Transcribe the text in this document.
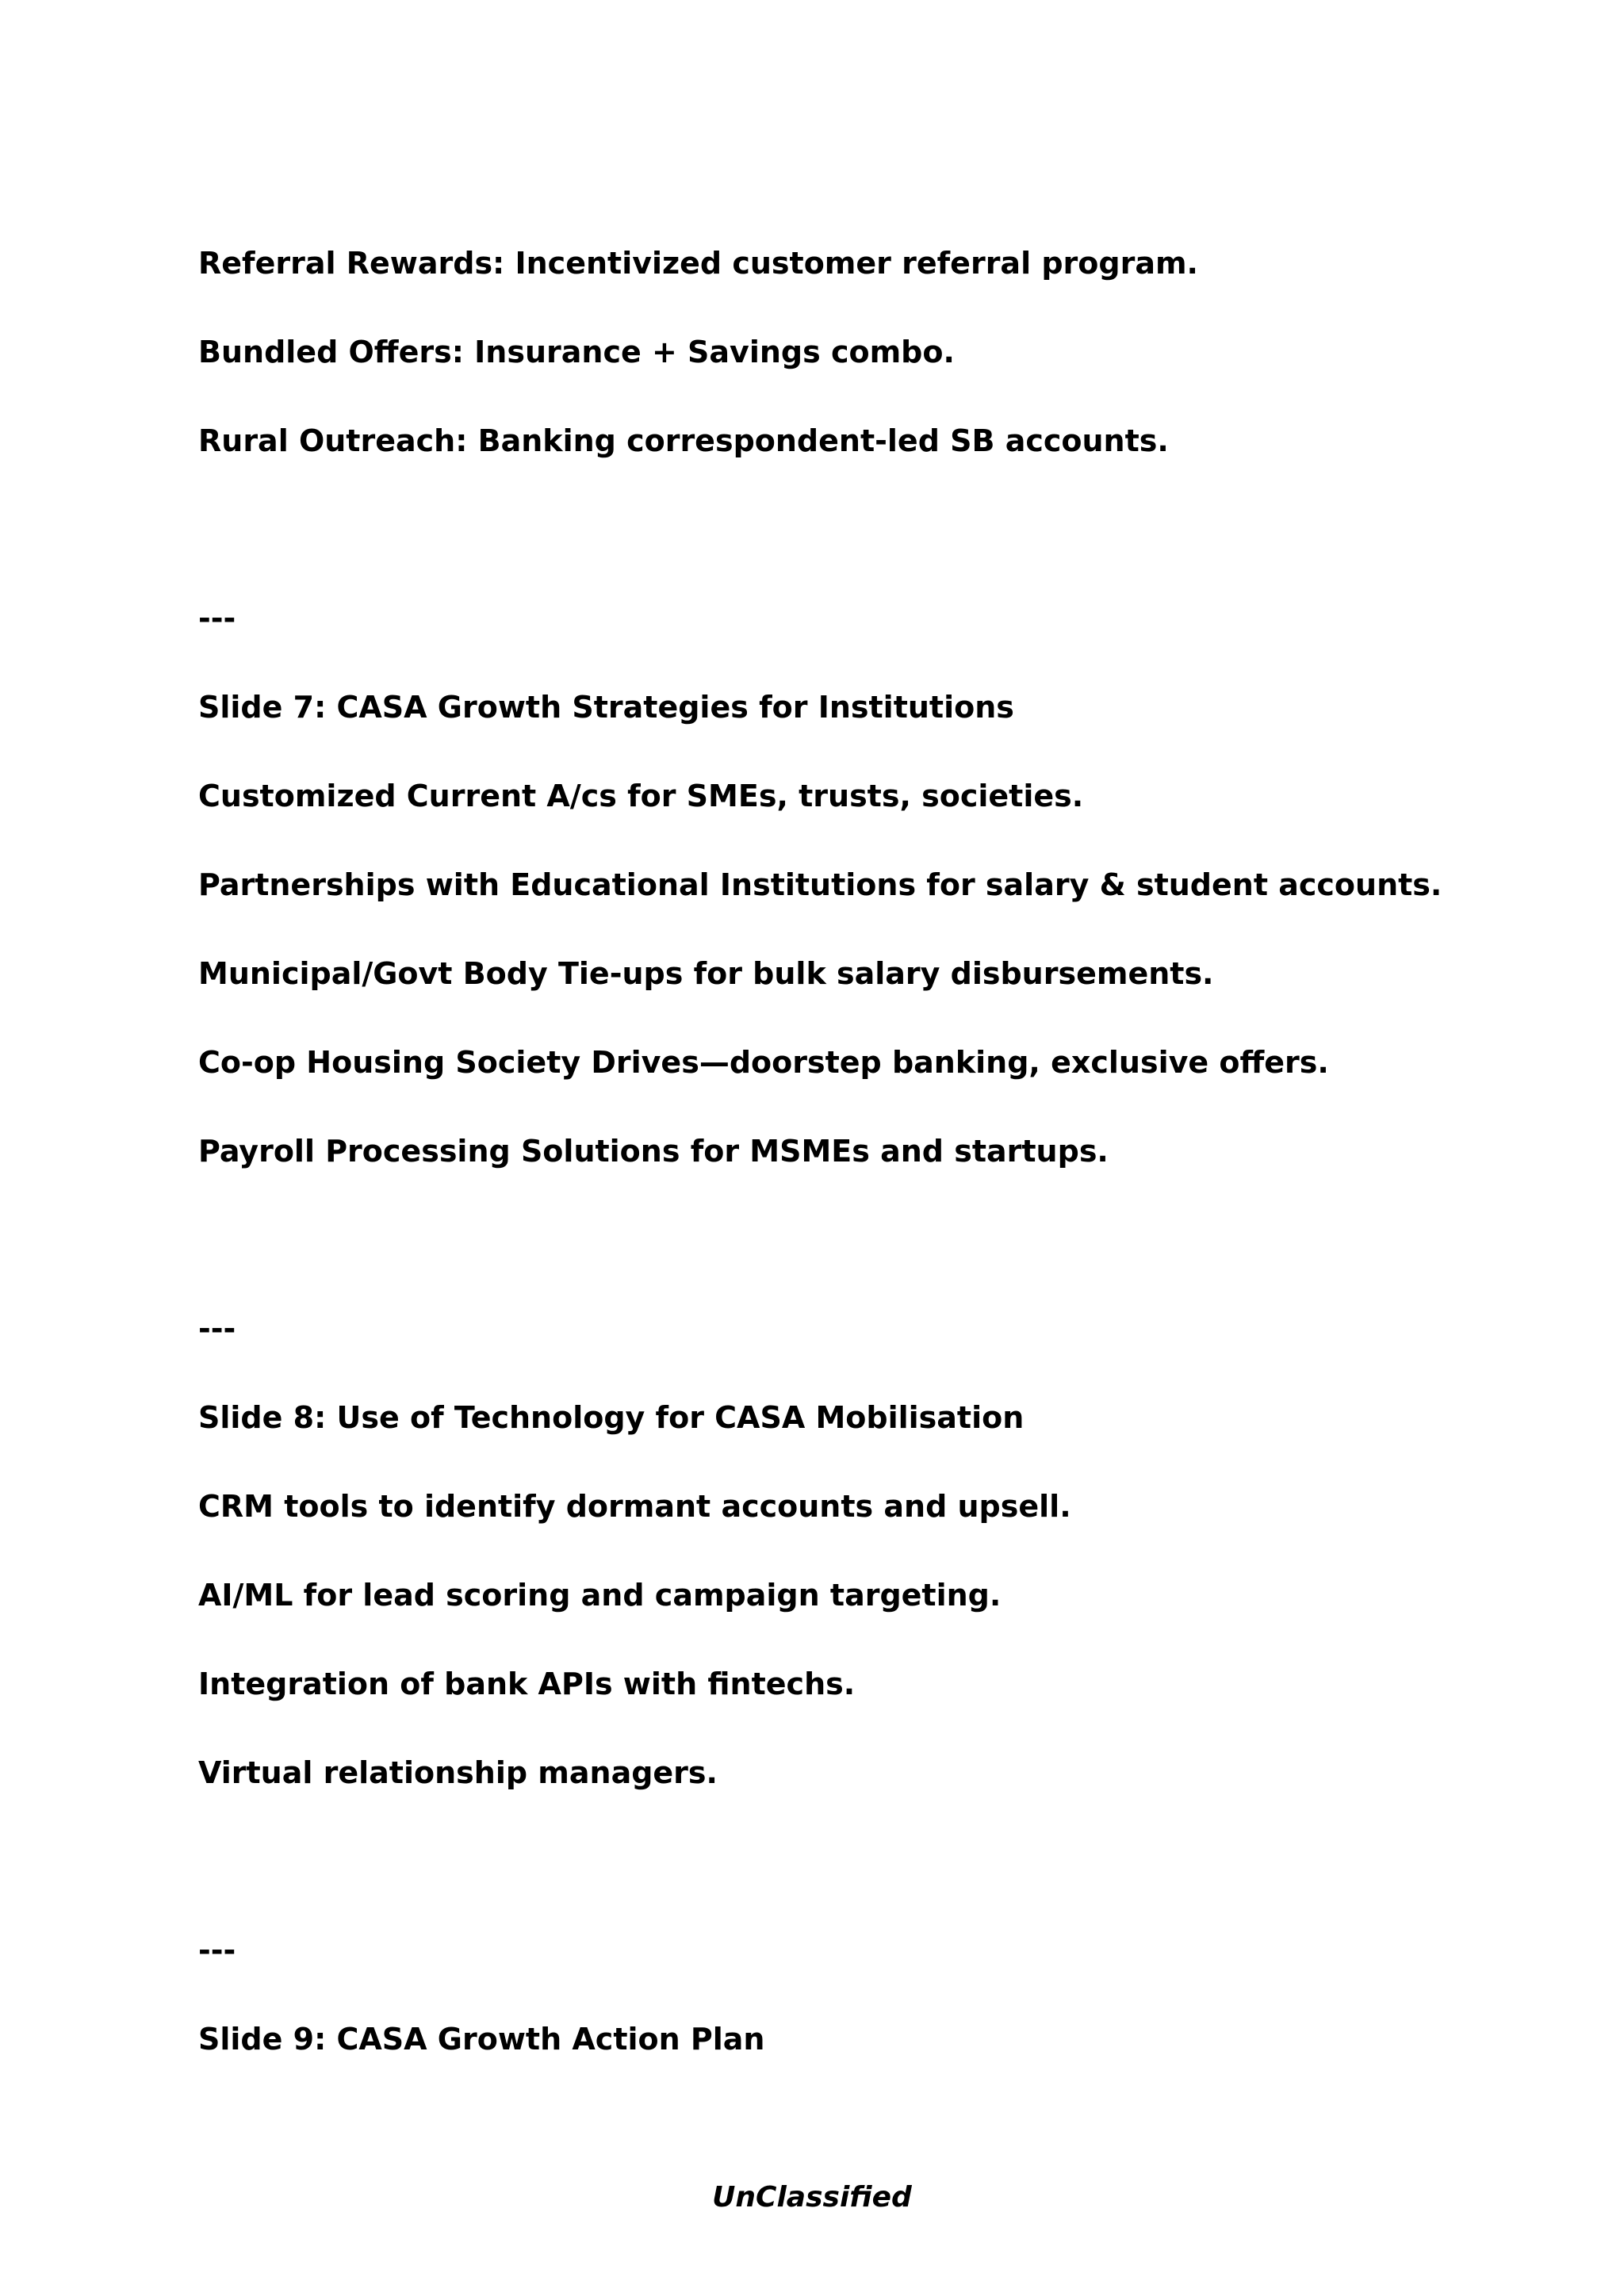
Referral Rewards: Incentivized customer referral program.
Bundled Offers: Insurance + Savings combo.
Rural Outreach: Banking correspondent-led SB accounts.
---
Slide 7: CASA Growth Strategies for Institutions
Customized Current A/cs for SMEs, trusts, societies.
Partnerships with Educational Institutions for salary & student accounts.
Municipal/Govt Body Tie-ups for bulk salary disbursements.
Co-op Housing Society Drives—doorstep banking, exclusive offers.
Payroll Processing Solutions for MSMEs and startups.
---
Slide 8: Use of Technology for CASA Mobilisation
CRM tools to identify dormant accounts and upsell.
AI/ML for lead scoring and campaign targeting.
Integration of bank APIs with fintechs.
Virtual relationship managers.
---
Slide 9: CASA Growth Action Plan
UnClassified
